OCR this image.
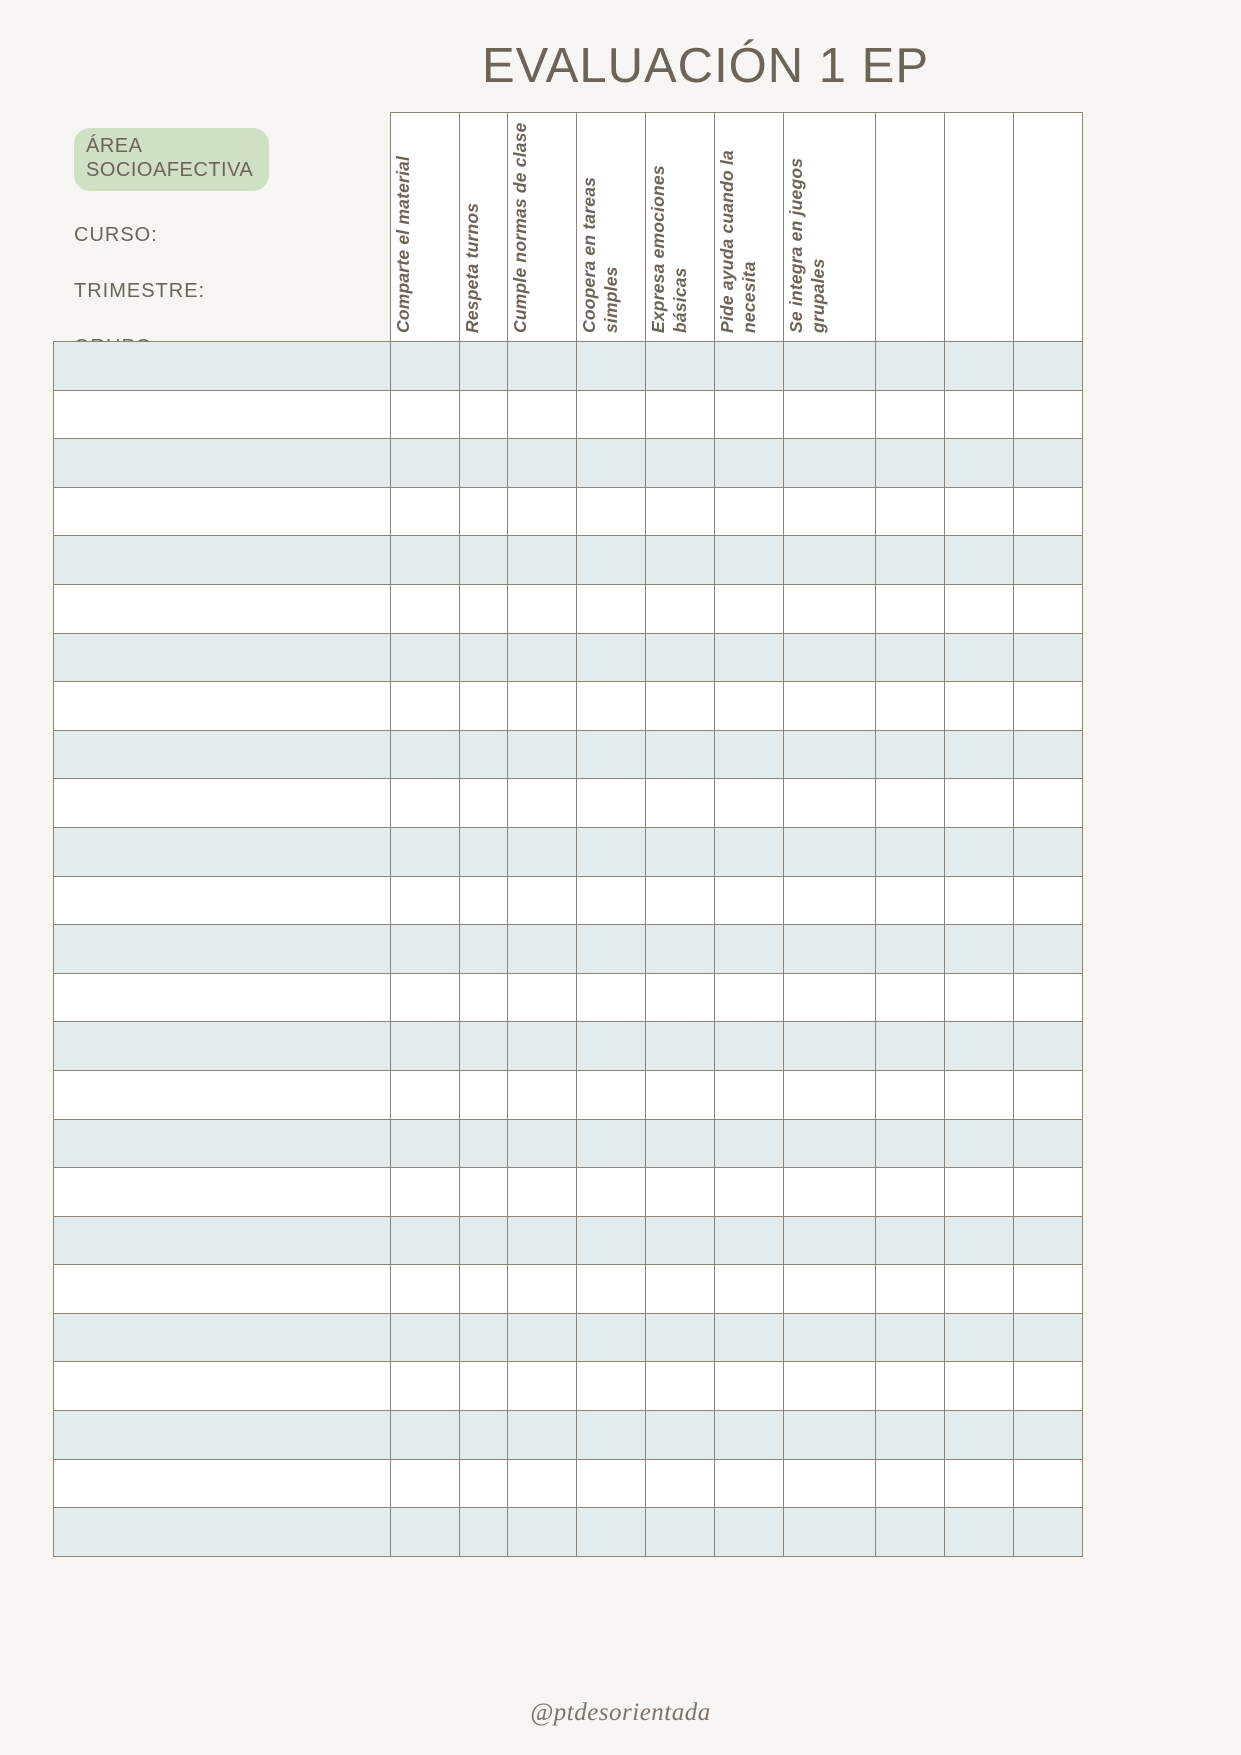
EVALUACIÓN 1 EP
ÁREA
SOCIOAFECTIVA
CURSO:
TRIMESTRE:

	Comparte el material	Respeta turnos	Cumple normas de clase	Coopera en tareas simples	Expresa emociones básicas	Pide ayuda cuando la necesita	Se integra en juegos grupales			

@ptdesorientada
